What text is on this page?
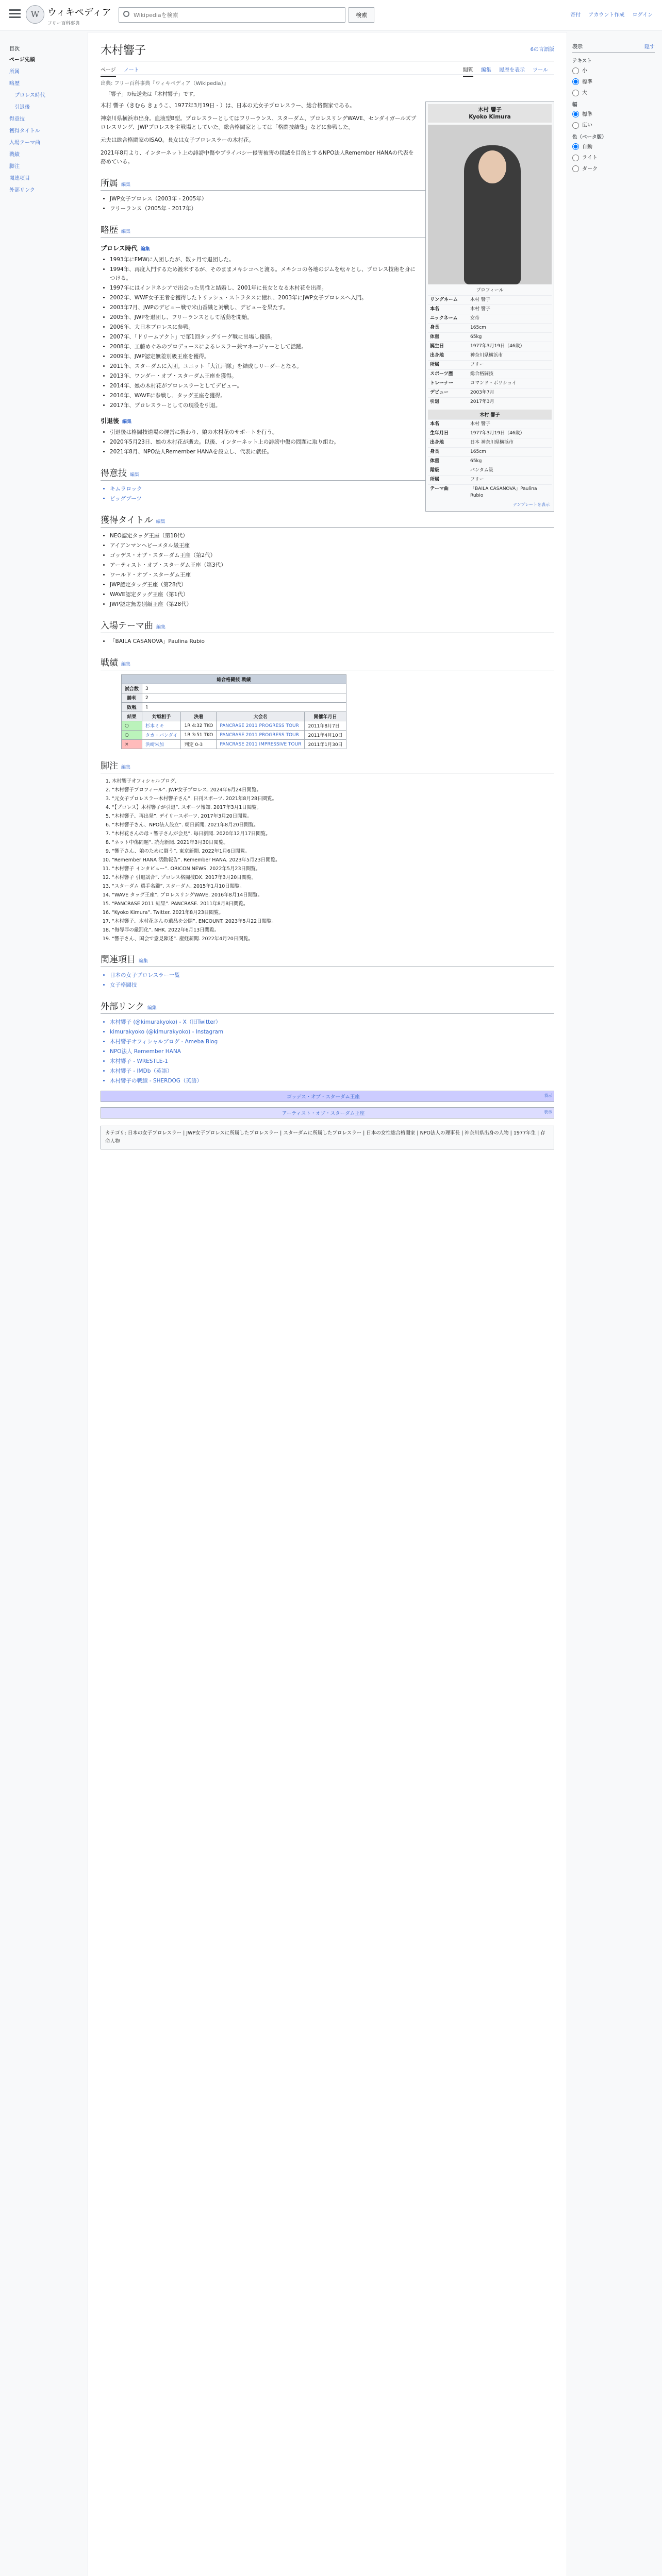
W ウィキペディア
フリー百科事典
Wikipediaを検索
検索	寄付 アカウント作成 ログイン
目次
ページ先頭
所属
略歴
プロレス時代
引退後
得意技
獲得タイトル
入場テーマ曲
戦績
脚注
関連項目
外部リンク
木村響子	6の言語版
ページ ノート	閲覧 編集 履歴を表示 ツール
出典: フリー百科事典『ウィキペディア（Wikipedia）』
「響子」の転送先は「木村響子」です。
木村 響子
Kyoko Kimura
プロフィール
リングネーム	木村 響子
本名	木村 響子
ニックネーム	女帝
身長	165cm
体重	65kg
誕生日	1977年3月19日（46歳）
出身地	神奈川県横浜市
所属	フリー
スポーツ歴	総合格闘技
トレーナー	コマンド・ボリショイ
デビュー	2003年7月
引退	2017年3月
木村 響子
本名	木村 響子
生年月日	1977年3月19日（46歳）
出身地	日本 神奈川県横浜市
身長	165cm
体重	65kg
階級	バンタム級
所属	フリー
テーマ曲	「BAILA CASANOVA」Paulina Rubio
テンプレートを表示

木村 響子（きむら きょうこ、1977年3月19日 - ）は、日本の元女子プロレスラー、総合格闘家である。

神奈川県横浜市出身。血液型B型。プロレスラーとしてはフリーランス、スターダム、プロレスリングWAVE、センダイガールズプロレスリング、JWPプロレスを主戦場としていた。総合格闘家としては「格闘技結集」などに参戦した。

元夫は総合格闘家のISAO。長女は女子プロレスラーの木村花。

2021年8月より、インターネット上の誹謗中傷やプライバシー侵害被害の撲滅を目的とするNPO法人Remember HANAの代表を務めている。

所属 編集
• JWP女子プロレス（2003年 - 2005年）
• フリーランス（2005年 - 2017年）
略歴 編集
プロレス時代 編集
• 1993年にFMWに入団したが、数ヶ月で退団した。
• 1994年、再度入門するため渡米するが、そのままメキシコへと渡る。メキシコの各地のジムを転々とし、プロレス技術を身につける。
• 1997年にはインドネシアで出会った男性と結婚し、2001年に長女となる木村花を出産。
• 2002年、WWF女子王者を獲得したトリッシュ・ストラタスに憧れ、2003年にJWP女子プロレスへ入門。
• 2003年7月、JWPのデビュー戦で米山香織と対戦し、デビューを果たす。
• 2005年、JWPを退団し、フリーランスとして活動を開始。
• 2006年、大日本プロレスに参戦。
• 2007年、「ドリームアクト」で第1回タッグリーグ戦に出場し優勝。
• 2008年、工藤めぐみのプロデュースによるレスラー兼マネージャーとして活躍。
• 2009年、JWP認定無差別級王座を獲得。
• 2011年、スターダムに入団。ユニット「大江戸隊」を結成しリーダーとなる。
• 2013年、ワンダー・オブ・スターダム王座を獲得。
• 2014年、娘の木村花がプロレスラーとしてデビュー。
• 2016年、WAVEに参戦し、タッグ王座を獲得。
• 2017年、プロレスラーとしての現役を引退。
引退後 編集
• 引退後は格闘技道場の運営に携わり、娘の木村花のサポートを行う。
• 2020年5月23日、娘の木村花が逝去。以後、インターネット上の誹謗中傷の問題に取り組む。
• 2021年8月、NPO法人Remember HANAを設立し、代表に就任。
得意技 編集
• キムラロック
• ビッグブーツ
獲得タイトル 編集
• NEO認定タッグ王座（第18代）
• アイアンマンヘビーメタル級王座
• ゴッデス・オブ・スターダム王座（第2代）
• アーティスト・オブ・スターダム王座（第3代）
• ワールド・オブ・スターダム王座
• JWP認定タッグ王座（第28代）
• WAVE認定タッグ王座（第1代）
• JWP認定無差別級王座（第28代）
入場テーマ曲 編集
• 「BAILA CASANOVA」Paulina Rubio
戦績 編集
総合格闘技 戦績				
試合数	3			
勝利	2			
敗戦	1			
結果	対戦相手	決着	大会名	開催年月日
○	杉本ミキ	1R 4:32 TKO	PANCRASE 2011 PROGRESS TOUR	2011年8月7日
○	タカ・バンダイ	1R 3:51 TKO	PANCRASE 2011 PROGRESS TOUR	2011年4月10日
×	浜崎朱加	判定 0-3	PANCRASE 2011 IMPRESSIVE TOUR	2011年1月30日
脚注 編集
1. 木村響子オフィシャルブログ.
2. “木村響子プロフィール”. JWP女子プロレス. 2024年6月24日閲覧。
3. “元女子プロレスラー木村響子さん”. 日刊スポーツ. 2021年8月28日閲覧。
4. “【プロレス】木村響子が引退”. スポーツ報知. 2017年3月1日閲覧。
5. “木村響子、再出発”. デイリースポーツ. 2017年3月20日閲覧。
6. “木村響子さん、NPO法人設立”. 朝日新聞. 2021年8月20日閲覧。
7. “木村花さんの母・響子さんが会見”. 毎日新聞. 2020年12月17日閲覧。
8. “ネット中傷問題”. 読売新聞. 2021年3月30日閲覧。
9. “響子さん、娘のために闘う”. 東京新聞. 2022年1月6日閲覧。
10. “Remember HANA 活動報告”. Remember HANA. 2023年5月23日閲覧。
11. “木村響子 インタビュー”. ORICON NEWS. 2022年5月23日閲覧。
12. “木村響子 引退試合”. プロレス格闘技DX. 2017年3月20日閲覧。
13. “スターダム 選手名鑑”. スターダム. 2015年1月10日閲覧。
14. “WAVE タッグ王座”. プロレスリングWAVE. 2016年8月14日閲覧。
15. “PANCRASE 2011 結果”. PANCRASE. 2011年8月8日閲覧。
16. “Kyoko Kimura”. Twitter. 2021年8月23日閲覧。
17. “木村響子、木村花さんの遺品を公開”. ENCOUNT. 2023年5月22日閲覧。
18. “侮辱罪の厳罰化”. NHK. 2022年6月13日閲覧。
19. “響子さん、国会で意見陳述”. 産経新聞. 2022年4月20日閲覧。
関連項目 編集
• 日本の女子プロレスラー一覧
• 女子格闘技
外部リンク 編集
• 木村響子 (@kimurakyoko) - X（旧Twitter）
• kimurakyoko (@kimurakyoko) - Instagram
• 木村響子オフィシャルブログ - Ameba Blog
• NPO法人 Remember HANA
• 木村響子 - WRESTLE-1
• 木村響子 - IMDb（英語）
• 木村響子の戦績 - SHERDOG（英語）
表示
ゴッデス・オブ・スターダム王座
表示
アーティスト・オブ・スターダム王座
カテゴリ: 日本の女子プロレスラー | JWP女子プロレスに所属したプロレスラー | スターダムに所属したプロレスラー | 日本の女性総合格闘家 | NPO法人の理事長 | 神奈川県出身の人物 | 1977年生 | 存命人物
表示	隠す
テキスト
小
標準
大
幅
標準
広い
色（ベータ版）
自動
ライト
ダーク
